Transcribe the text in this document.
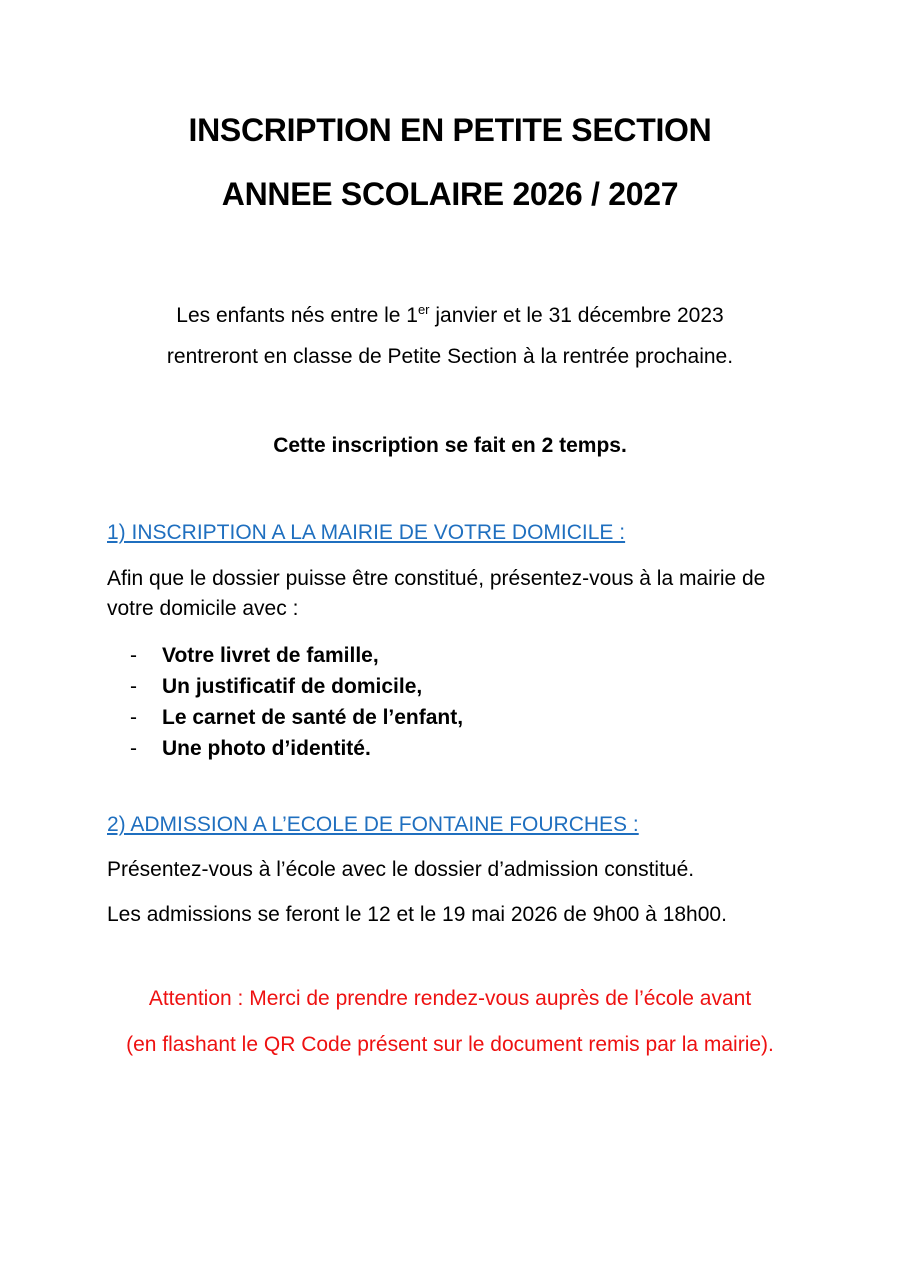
INSCRIPTION EN PETITE SECTION
ANNEE SCOLAIRE 2026 / 2027
Les enfants nés entre le 1er janvier et le 31 décembre 2023
rentreront en classe de Petite Section à la rentrée prochaine.
Cette inscription se fait en 2 temps.
1) INSCRIPTION A LA MAIRIE DE VOTRE DOMICILE :
Afin que le dossier puisse être constitué, présentez-vous à la mairie de votre domicile avec :
-	Votre livret de famille,
-	Un justificatif de domicile,
-	Le carnet de santé de l’enfant,
-	Une photo d’identité.
2) ADMISSION A L’ECOLE DE FONTAINE FOURCHES :
Présentez-vous à l’école avec le dossier d’admission constitué.
Les admissions se feront le 12 et le 19 mai 2026 de 9h00 à 18h00.
Attention : Merci de prendre rendez-vous auprès de l’école avant
(en flashant le QR Code présent sur le document remis par la mairie).
